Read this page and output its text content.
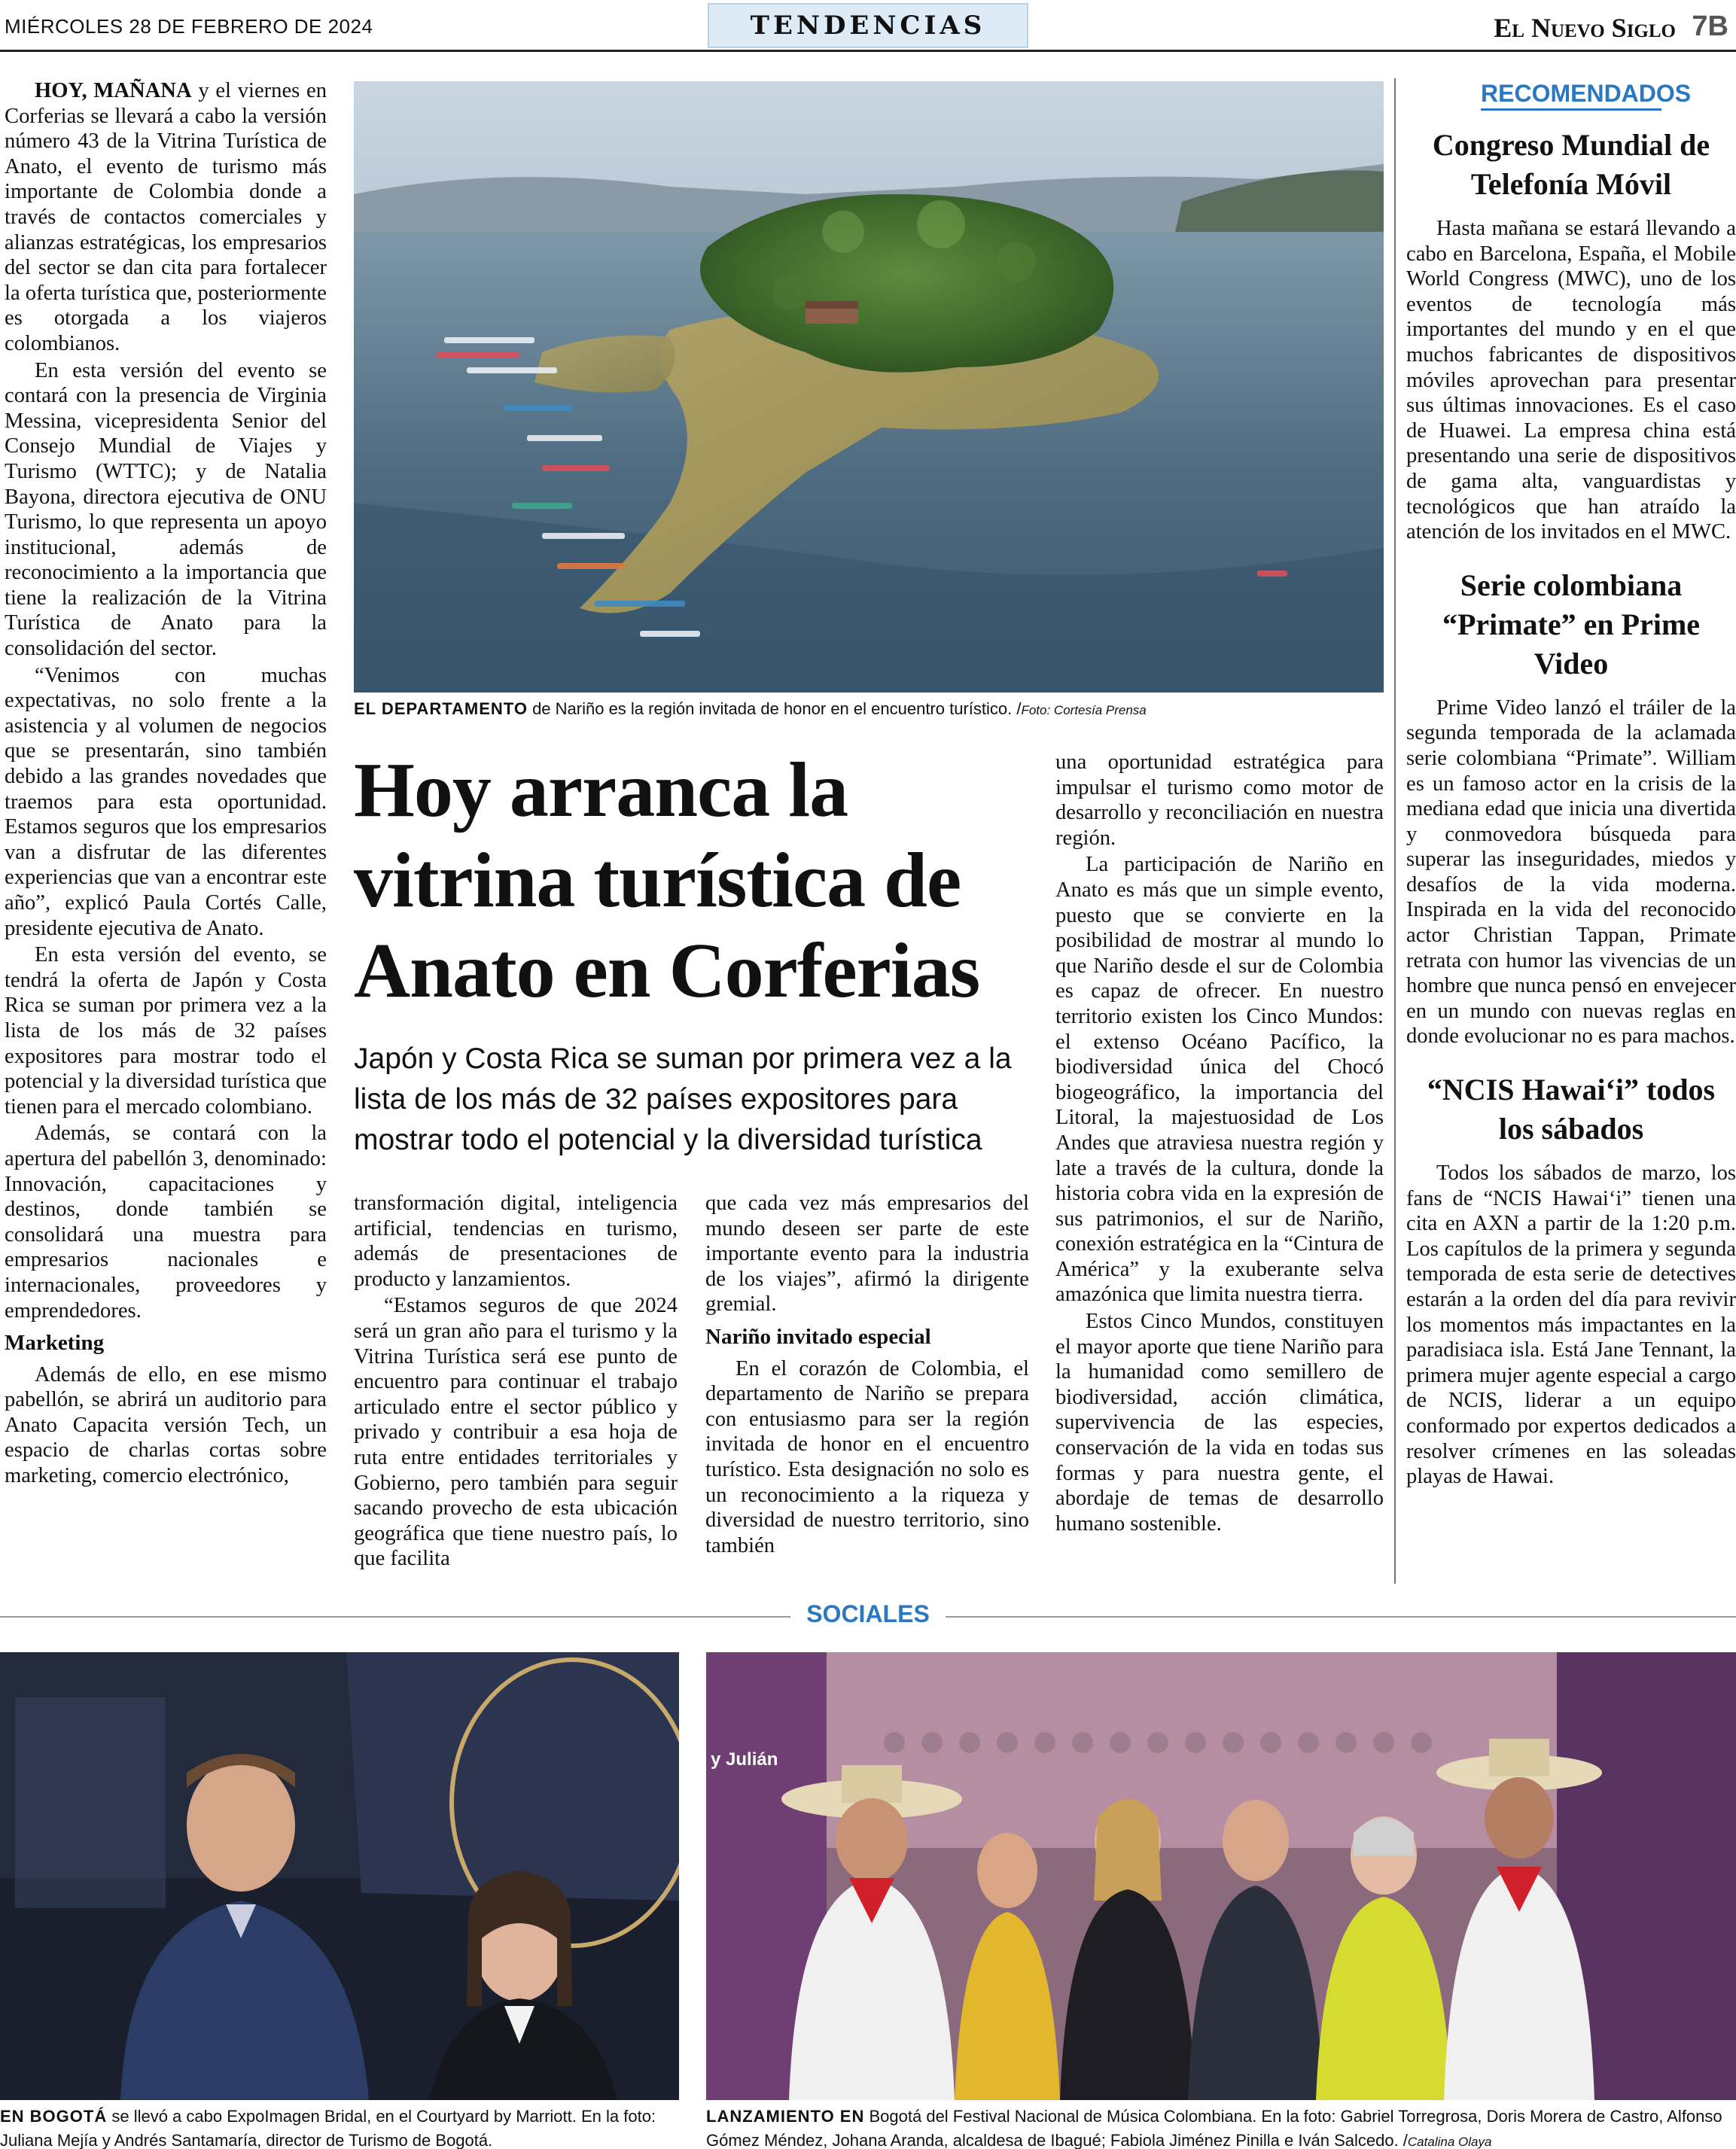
MIÉRCOLES 28 DE FEBRERO DE 2024	TENDENCIAS	El Nuevo Siglo 7B

HOY, MAÑANA y el viernes en Corferias se llevará a cabo la versión número 43 de la Vitrina Turística de Anato, el evento de turismo más importante de Colombia donde a través de contactos comerciales y alianzas estratégicas, los empresarios del sector se dan cita para fortalecer la oferta turística que, posteriormente es otorgada a los viajeros colombianos.

En esta versión del evento se contará con la presencia de Virginia Messina, vicepresidenta Senior del Consejo Mundial de Viajes y Turismo (WTTC); y de Natalia Bayona, directora ejecutiva de ONU Turismo, lo que representa un apoyo institucional, además de reconocimiento a la importancia que tiene la realización de la Vitrina Turística de Anato para la consolidación del sector.

“Venimos con muchas expectativas, no solo frente a la asistencia y al volumen de negocios que se presentarán, sino también debido a las grandes novedades que traemos para esta oportunidad. Estamos seguros que los empresarios van a disfrutar de las diferentes experiencias que van a encontrar este año”, explicó Paula Cortés Calle, presidente ejecutiva de Anato.

En esta versión del evento, se tendrá la oferta de Japón y Costa Rica se suman por primera vez a la lista de los más de 32 países expositores para mostrar todo el potencial y la diversidad turística que tienen para el mercado colombiano.

Además, se contará con la apertura del pabellón 3, denominado: Innovación, capacitaciones y destinos, donde también se consolidará una muestra para empresarios nacionales e internacionales, proveedores y emprendedores.

Marketing

Además de ello, en ese mismo pabellón, se abrirá un auditorio para Anato Capacita versión Tech, un espacio de charlas cortas sobre marketing, comercio electrónico,

EL DEPARTAMENTO de Nariño es la región invitada de honor en el encuentro turístico. /Foto: Cortesía Prensa
Hoy arranca la vitrina turística de Anato en Corferias
Japón y Costa Rica se suman por primera vez a la lista de los más de 32 países expositores para mostrar todo el potencial y la diversidad turística

transformación digital, inteligencia artificial, tendencias en turismo, además de presentaciones de producto y lanzamientos.

“Estamos seguros de que 2024 será un gran año para el turismo y la Vitrina Turística será ese punto de encuentro para continuar el trabajo articulado entre el sector público y privado y contribuir a esa hoja de ruta entre entidades territoriales y Gobierno, pero también para seguir sacando provecho de esta ubicación geográfica que tiene nuestro país, lo que facilita

que cada vez más empresarios del mundo deseen ser parte de este importante evento para la industria de los viajes”, afirmó la dirigente gremial.

Nariño invitado especial

En el corazón de Colombia, el departamento de Nariño se prepara con entusiasmo para ser la región invitada de honor en el encuentro turístico. Esta designación no solo es un reconocimiento a la riqueza y diversidad de nuestro territorio, sino también

una oportunidad estratégica para impulsar el turismo como motor de desarrollo y reconciliación en nuestra región.

La participación de Nariño en Anato es más que un simple evento, puesto que se convierte en la posibilidad de mostrar al mundo lo que Nariño desde el sur de Colombia es capaz de ofrecer. En nuestro territorio existen los Cinco Mundos: el extenso Océano Pacífico, la biodiversidad única del Chocó biogeográfico, la importancia del Litoral, la majestuosidad de Los Andes que atraviesa nuestra región y late a través de la cultura, donde la historia cobra vida en la expresión de sus patrimonios, el sur de Nariño, conexión estratégica en la “Cintura de América” y la exuberante selva amazónica que limita nuestra tierra.

Estos Cinco Mundos, constituyen el mayor aporte que tiene Nariño para la humanidad como semillero de biodiversidad, acción climática, supervivencia de las especies, conservación de la vida en todas sus formas y para nuestra gente, el abordaje de temas de desarrollo humano sostenible.

RECOMENDADOS
Congreso Mundial de Telefonía Móvil

Hasta mañana se estará llevando a cabo en Barcelona, España, el Mobile World Congress (MWC), uno de los eventos de tecnología más importantes del mundo y en el que muchos fabricantes de dispositivos móviles aprovechan para presentar sus últimas innovaciones. Es el caso de Huawei. La empresa china está presentando una serie de dispositivos de gama alta, vanguardistas y tecnológicos que han atraído la atención de los invitados en el MWC.

Serie colombiana “Primate” en Prime Video

Prime Video lanzó el tráiler de la segunda temporada de la aclamada serie colombiana “Primate”. William es un famoso actor en la crisis de la mediana edad que inicia una divertida y conmovedora búsqueda para superar las inseguridades, miedos y desafíos de la vida moderna. Inspirada en la vida del reconocido actor Christian Tappan, Primate retrata con humor las vivencias de un hombre que nunca pensó en envejecer en un mundo con nuevas reglas en donde evolucionar no es para machos.

“NCIS Hawai‘i” todos los sábados

Todos los sábados de marzo, los fans de “NCIS Hawai‘i” tienen una cita en AXN a partir de la 1:20 p.m. Los capítulos de la primera y segunda temporada de esta serie de detectives estarán a la orden del día para revivir los momentos más impactantes en la paradisiaca isla. Está Jane Tennant, la primera mujer agente especial a cargo de NCIS, liderar a un equipo conformado por expertos dedicados a resolver crímenes en las soleadas playas de Hawai.

SOCIALES
EN BOGOTÁ se llevó a cabo ExpoImagen Bridal, en el Courtyard by Marriott. En la foto: Juliana Mejía y Andrés Santamaría, director de Turismo de Bogotá.
y Julián
LANZAMIENTO EN Bogotá del Festival Nacional de Música Colombiana. En la foto: Gabriel Torregrosa, Doris Morera de Castro, Alfonso Gómez Méndez, Johana Aranda, alcaldesa de Ibagué; Fabiola Jiménez Pinilla e Iván Salcedo. /Catalina Olaya
